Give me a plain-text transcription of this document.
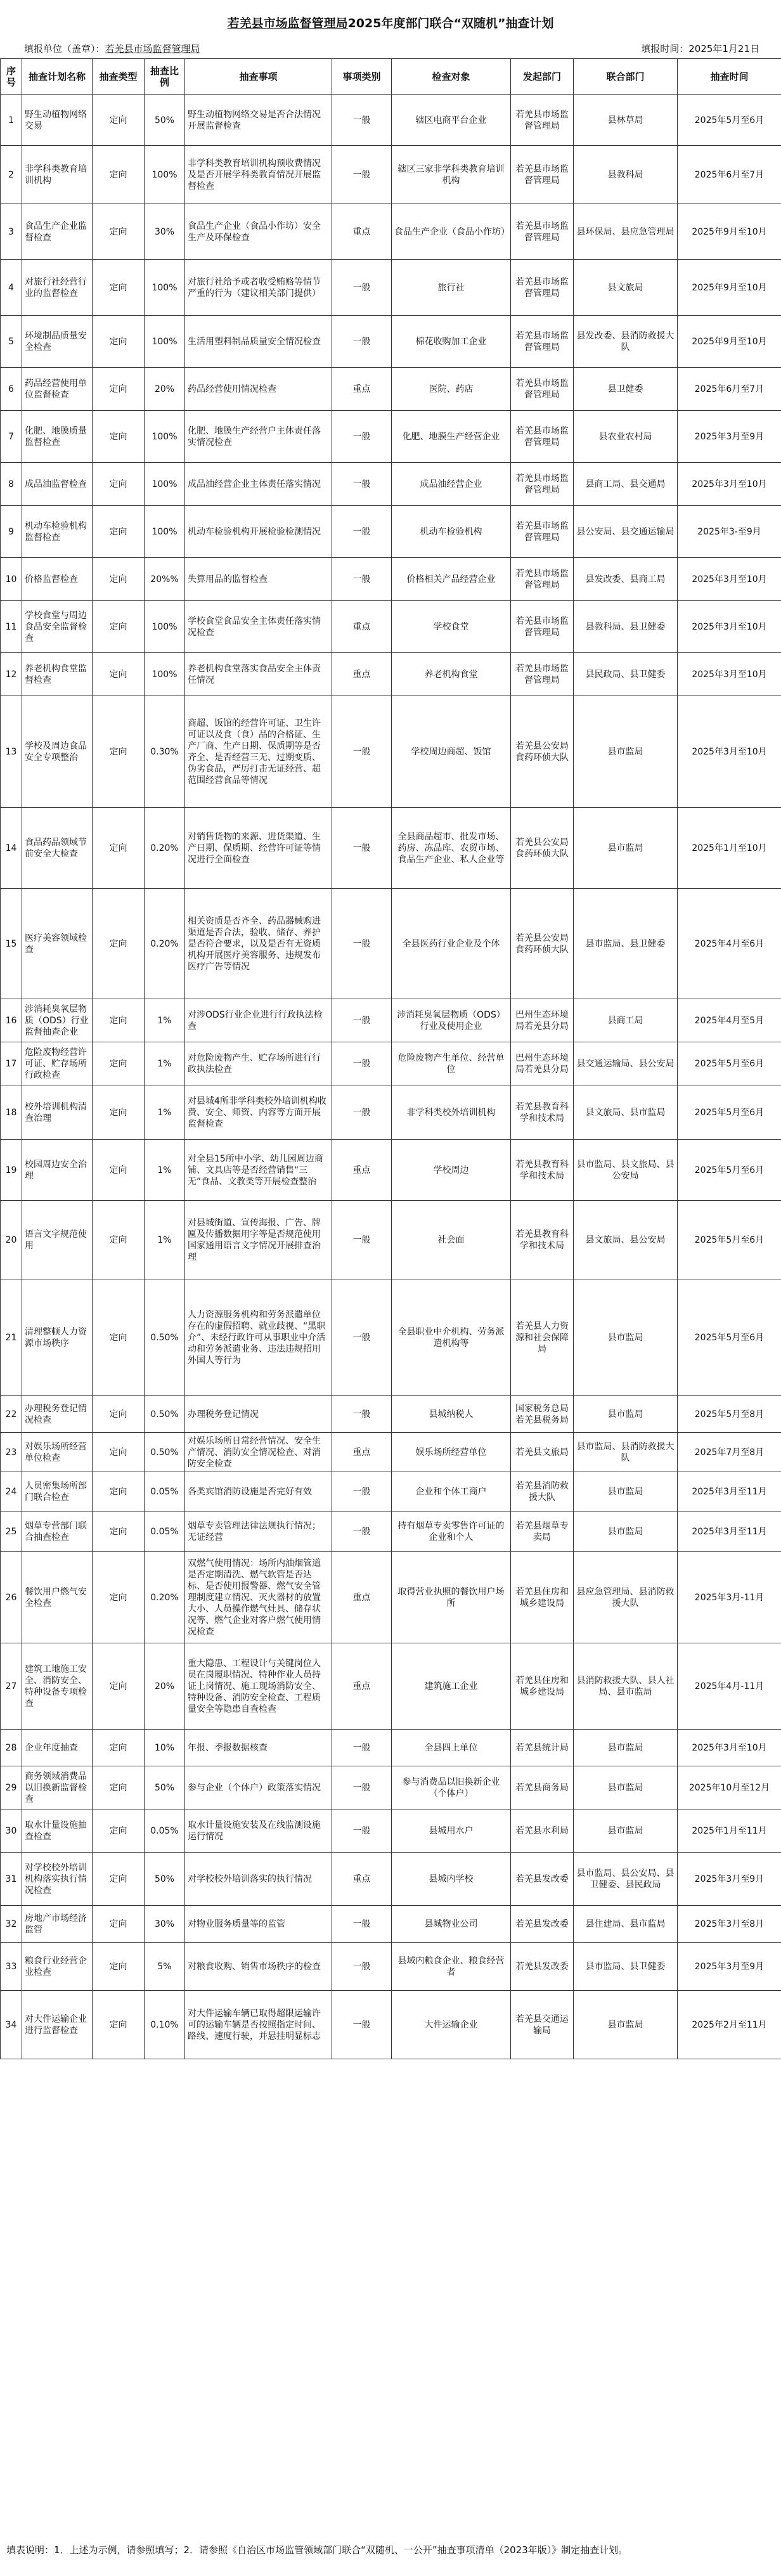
若羌县市场监督管理局2025年度部门联合“双随机”抽查计划
填报单位（盖章）：若羌县市场监督管理局	填报时间：2025年1月21日
序号	抽查计划名称	抽查类型	抽查比例	抽查事项	事项类别	检查对象	发起部门	联合部门	抽查时间
1	野生动植物网络交易	定向	50%	野生动植物网络交易是否合法情况开展监督检查	一般	辖区电商平台企业	若羌县市场监督管理局	县林草局	2025年5月至6月
2	非学科类教育培训机构	定向	100%	非学科类教育培训机构预收费情况及是否开展学科类教育情况开展监督检查	一般	辖区三家非学科类教育培训机构	若羌县市场监督管理局	县教科局	2025年6月至7月
3	食品生产企业监督检查	定向	30%	食品生产企业（食品小作坊）安全生产及环保检查	重点	食品生产企业（食品小作坊）	若羌县市场监督管理局	县环保局、县应急管理局	2025年9月至10月
4	对旅行社经营行业的监督检查	定向	100%	对旅行社给予或者收受贿赂等情节严重的行为（建议相关部门提供）	一般	旅行社	若羌县市场监督管理局	县文旅局	2025年9月至10月
5	环境制品质量安全检查	定向	100%	生活用塑料制品质量安全情况检查	一般	棉花收购加工企业	若羌县市场监督管理局	县发改委、县消防救援大队	2025年9月至10月
6	药品经营使用单位监督检查	定向	20%	药品经营使用情况检查	重点	医院、药店	若羌县市场监督管理局	县卫健委	2025年6月至7月
7	化肥、地膜质量监督检查	定向	100%	化肥、地膜生产经营户主体责任落实情况检查	一般	化肥、地膜生产经营企业	若羌县市场监督管理局	县农业农村局	2025年3月至9月
8	成品油监督检查	定向	100%	成品油经营企业主体责任落实情况	一般	成品油经营企业	若羌县市场监督管理局	县商工局、县交通局	2025年3月至10月
9	机动车检验机构监督检查	定向	100%	机动车检验机构开展检验检测情况	一般	机动车检验机构	若羌县市场监督管理局	县公安局、县交通运输局	2025年3-至9月
10	价格监督检查	定向	20%%	失算用品的监督检查	一般	价格相关产品经营企业	若羌县市场监督管理局	县发改委、县商工局	2025年3月至10月
11	学校食堂与周边食品安全监督检查	定向	100%	学校食堂食品安全主体责任落实情况检查	重点	学校食堂	若羌县市场监督管理局	县教科局、县卫健委	2025年3月至10月
12	养老机构食堂监督检查	定向	100%	养老机构食堂落实食品安全主体责任情况	重点	养老机构食堂	若羌县市场监督管理局	县民政局、县卫健委	2025年3月至10月
13	学校及周边食品安全专项整治	定向	0.30%	商超、饭馆的经营许可证、卫生许可证以及食（食）品的合格证、生产厂商、生产日期、保质期等是否齐全、是否经营三无、过期变质、伪劣食品，严厉打击无证经营、超范围经营食品等情况	一般	学校周边商超、饭馆	若羌县公安局食药环侦大队	县市监局	2025年3月至10月
14	食品药品领域节前安全大检查	定向	0.20%	对销售货物的来源、进货渠道、生产日期、保质期、经营许可证等情况进行全面检查	一般	全县商品超市、批发市场、药房、冻品库、农贸市场、食品生产企业、私人企业等	若羌县公安局食药环侦大队	县市监局	2025年1月至10月
15	医疗美容领域检查	定向	0.20%	相关资质是否齐全、药品器械购进渠道是否合法，验收、储存、养护是否符合要求，以及是否有无资质机构开展医疗美容服务、违规发布医疗广告等情况	一般	全县医药行业企业及个体	若羌县公安局食药环侦大队	县市监局、县卫健委	2025年4月至6月
16	涉消耗臭氧层物质（ODS）行业监督抽查企业	定向	1%	对涉ODS行业企业进行行政执法检查	一般	涉消耗臭氧层物质（ODS）行业及使用企业	巴州生态环境局若羌县分局	县商工局	2025年4月至5月
17	危险废物经营许可证、贮存场所行政检查	定向	1%	对危险废物产生、贮存场所进行行政执法检查	一般	危险废物产生单位、经营单位	巴州生态环境局若羌县分局	县交通运输局、县公安局	2025年5月至6月
18	校外培训机构清查治理	定向	1%	对县城4所非学科类校外培训机构收费、安全、师资、内容等方面开展监督检查	一般	非学科类校外培训机构	若羌县教育科学和技术局	县文旅局、县市监局	2025年5月至6月
19	校园周边安全治理	定向	1%	对全县15所中小学、幼儿园周边商铺、文具店等是否经营销售“三无”食品、文教类等开展检查整治	重点	学校周边	若羌县教育科学和技术局	县市监局、县文旅局、县公安局	2025年5月至6月
20	语言文字规范使用	定向	1%	对县城街道、宣传海报、广告、牌匾及传播数据用字等是否规范使用国家通用语言文字情况开展排查治理	一般	社会面	若羌县教育科学和技术局	县文旅局、县公安局	2025年5月至6月
21	清理整顿人力资源市场秩序	定向	0.50%	人力资源服务机构和劳务派遣单位存在的虚假招聘、就业歧视、“黑职介”、未经行政许可从事职业中介活动和劳务派遣业务、违法违规招用外国人等行为	一般	全县职业中介机构、劳务派遣机构等	若羌县人力资源和社会保障局	县市监局	2025年5月至6月
22	办理税务登记情况检查	定向	0.50%	办理税务登记情况	一般	县城纳税人	国家税务总局若羌县税务局	县市监局	2025年5月至8月
23	对娱乐场所经营单位检查	定向	0.50%	对娱乐场所日常经营情况、安全生产情况、消防安全情况检查、对消防安全检查	重点	娱乐场所经营单位	若羌县文旅局	县市监局、县消防救援大队	2025年7月至8月
24	人员密集场所部门联合检查	定向	0.05%	各类宾馆消防设施是否完好有效	一般	企业和个体工商户	若羌县消防救援大队	县市监局	2025年3月至11月
25	烟草专营部门联合抽查检查	定向	0.05%	烟草专卖管理法律法规执行情况；无证经营	一般	持有烟草专卖零售许可证的企业和个人	若羌县烟草专卖局	县市监局	2025年3月至11月
26	餐饮用户燃气安全检查	定向	0.20%	双燃气使用情况：场所内油烟管道是否定期清洗、燃气软管是否达标、是否使用报警器、燃气安全管理制度建立情况、灭火器材的放置大小、人员操作燃气灶具、储存状况等、燃气企业对客户燃气使用情况检查	重点	取得营业执照的餐饮用户场所	若羌县住房和城乡建设局	县应急管理局、县消防救援大队	2025年3月-11月
27	建筑工地施工安全、消防安全、特种设备专项检查	定向	20%	重大隐患、工程设计与关键岗位人员在岗履职情况、特种作业人员持证上岗情况、施工现场消防安全、特种设备、消防安全检查、工程质量安全等隐患自查检查	重点	建筑施工企业	若羌县住房和城乡建设局	县消防救援大队、县人社局、县市监局	2025年4月-11月
28	企业年度抽查	定向	10%	年报、季报数据核查	一般	全县四上单位	若羌县统计局	县市监局	2025年3月至10月
29	商务领域消费品以旧换新监督检查	定向	50%	参与企业（个体户）政策落实情况	一般	参与消费品以旧换新企业（个体户）	若羌县商务局	县市监局	2025年10月至12月
30	取水计量设施抽查检查	定向	0.05%	取水计量设施安装及在线监测设施运行情况	一般	县城用水户	若羌县水利局	县市监局	2025年1月至11月
31	对学校校外培训机构落实执行情况检查	定向	50%	对学校校外培训落实的执行情况	重点	县城内学校	若羌县发改委	县市监局、县公安局、县卫健委、县民政局	2025年3月至9月
32	房地产市场经济监管	定向	30%	对物业服务质量等的监管	一般	县城物业公司	若羌县发改委	县住建局、县市监局	2025年3月至8月
33	粮食行业经营企业检查	定向	5%	对粮食收购、销售市场秩序的检查	一般	县域内粮食企业、粮食经营者	若羌县发改委	县市监局、县卫健委	2025年3月至9月
34	对大件运输企业进行监督检查	定向	0.10%	对大件运输车辆已取得超限运输许可的运输车辆是否按照指定时间、路线、速度行驶，并悬挂明显标志	一般	大件运输企业	若羌县交通运输局	县市监局	2025年2月至11月
填表说明：1．上述为示例，请参照填写；2．请参照《自治区市场监管领域部门联合“双随机、一公开”抽查事项清单（2023年版）》制定抽查计划。
